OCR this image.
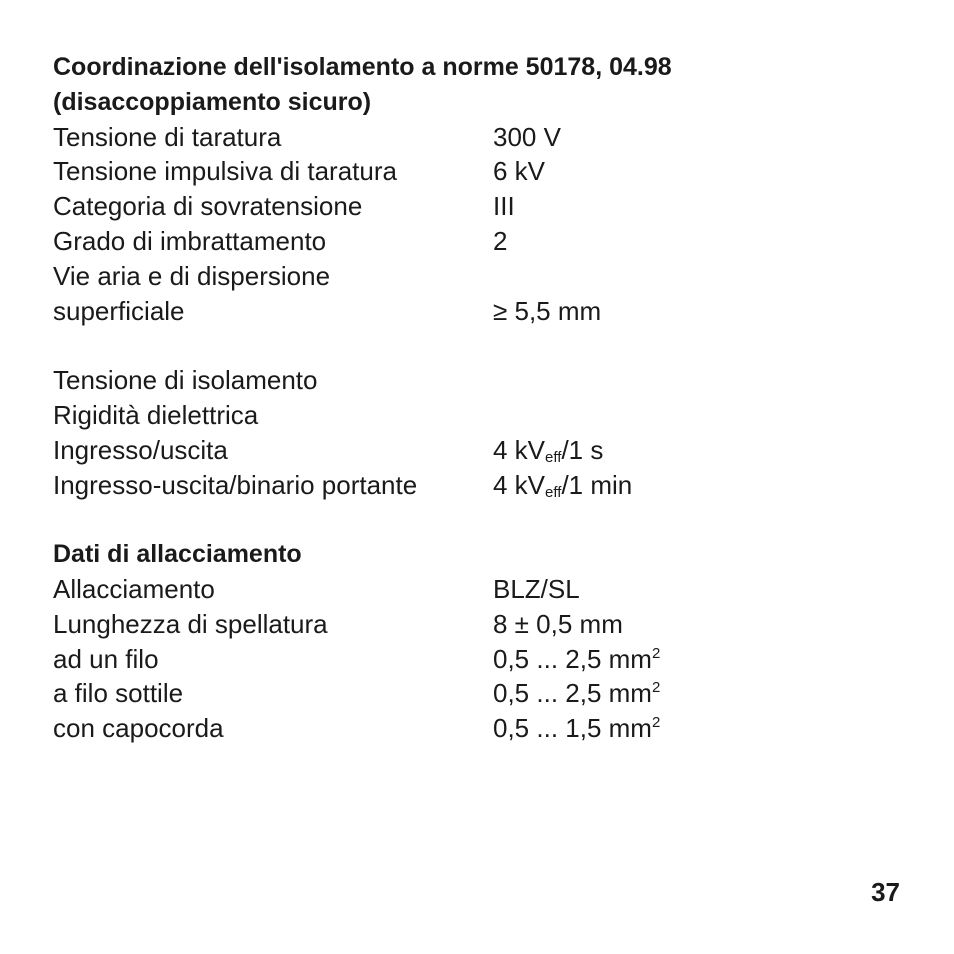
Coordinazione dell'isolamento a norme 50178, 04.98
(disaccoppiamento sicuro)
Tensione di taratura	300 V
Tensione impulsiva di taratura	6 kV
Categoria di sovratensione	III
Grado di imbrattamento	2
Vie aria e di dispersione
superficiale	≥ 5,5 mm
Tensione di isolamento
Rigidità dielettrica
Ingresso/uscita	4 $kV_{eff}/1$ s
Ingresso-uscita/binario portante	4 $kV_{eff}/1$ min
Dati di allacciamento
Allacciamento	BLZ/SL
Lunghezza di spellatura	8 ± 0,5 mm
ad un filo	0,5 ... 2,5 $mm^2$
a filo sottile	0,5 ... 2,5 $mm^2$
con capocorda	0,5 ... 1,5 $mm^2$
37
